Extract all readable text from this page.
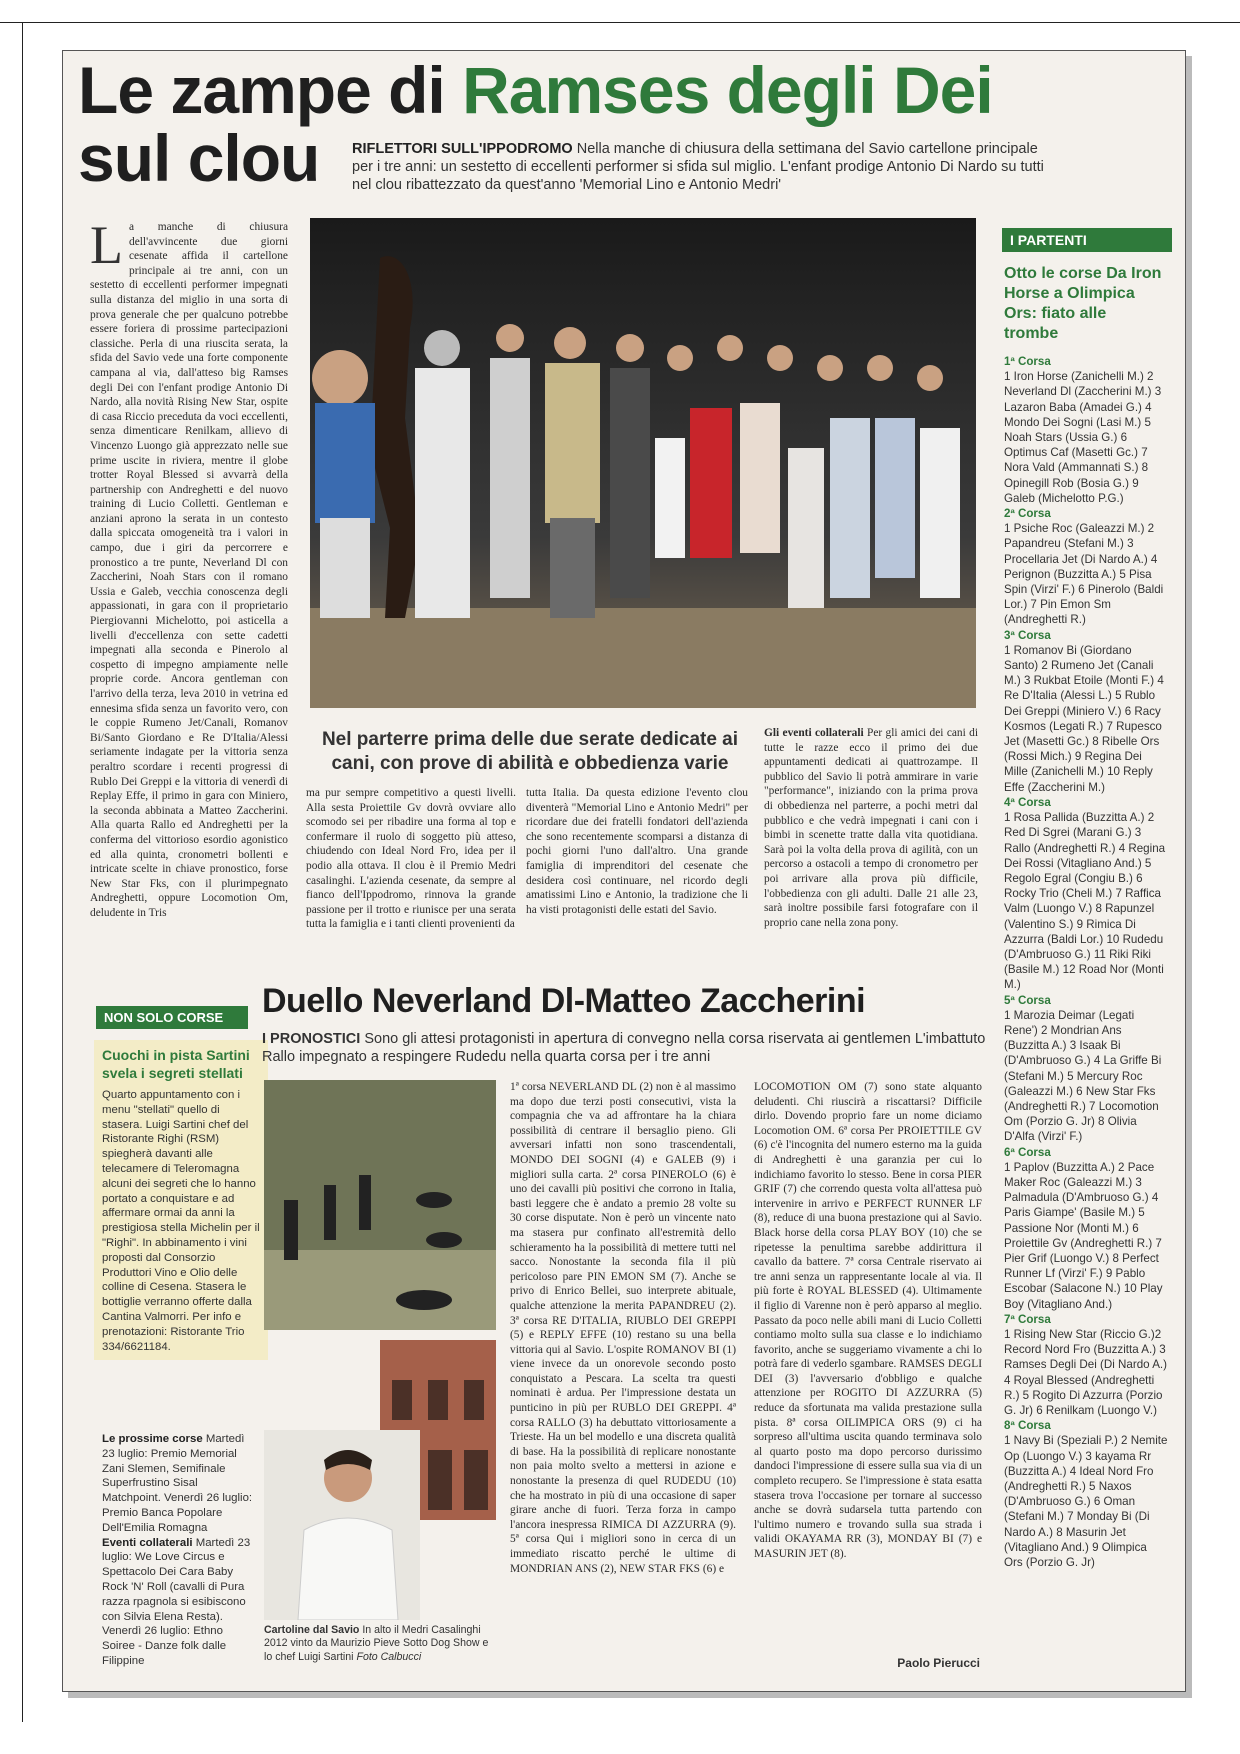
Le zampe di Ramses degli Dei
sul clou	RIFLETTORI SULL'IPPODROMO Nella manche di chiusura della settimana del Savio cartellone principale per i tre anni: un sestetto di eccellenti performer si sfida sul miglio. L'enfant prodige Antonio Di Nardo su tutti nel clou ribattezzato da quest'anno 'Memorial Lino e Antonio Medri'
La manche di chiusura dell'avvincente due giorni cesenate affida il cartellone principale ai tre anni, con un sestetto di eccellenti performer impegnati sulla distanza del miglio in una sorta di prova generale che per qualcuno potrebbe essere foriera di prossime partecipazioni classiche. Perla di una riuscita serata, la sfida del Savio vede una forte componente campana al via, dall'atteso big Ramses degli Dei con l'enfant prodige Antonio Di Nardo, alla novità Rising New Star, ospite di casa Riccio preceduta da voci eccellenti, senza dimenticare Renilkam, allievo di Vincenzo Luongo già apprezzato nelle sue prime uscite in riviera, mentre il globe trotter Royal Blessed si avvarrà della partnership con Andreghetti e del nuovo training di Lucio Colletti. Gentleman e anziani aprono la serata in un contesto dalla spiccata omogeneità tra i valori in campo, due i giri da percorrere e pronostico a tre punte, Neverland Dl con Zaccherini, Noah Stars con il romano Ussia e Galeb, vecchia conoscenza degli appassionati, in gara con il proprietario Piergiovanni Michelotto, poi asticella a livelli d'eccellenza con sette cadetti impegnati alla seconda e Pinerolo al cospetto di impegno ampiamente nelle proprie corde. Ancora gentleman con l'arrivo della terza, leva 2010 in vetrina ed ennesima sfida senza un favorito vero, con le coppie Rumeno Jet/Canali, Romanov Bi/Santo Giordano e Re D'Italia/Alessi seriamente indagate per la vittoria senza peraltro scordare i recenti progressi di Rublo Dei Greppi e la vittoria di venerdì di Replay Effe, il primo in gara con Miniero, la seconda abbinata a Matteo Zaccherini. Alla quarta Rallo ed Andreghetti per la conferma del vittorioso esordio agonistico ed alla quinta, cronometri bollenti e intricate scelte in chiave pronostico, forse New Star Fks, con il plurimpegnato Andreghetti, oppure Locomotion Om, deludente in Tris
ma pur sempre competitivo a questi livelli. Alla sesta Proiettile Gv dovrà ovviare allo scomodo sei per ribadire una forma al top e confermare il ruolo di soggetto più atteso, chiudendo con Ideal Nord Fro, idea per il podio alla ottava. Il clou è il Premio Medri casalinghi. L'azienda cesenate, da sempre al fianco dell'Ippodromo, rinnova la grande passione per il trotto e riunisce per una serata tutta la famiglia e i tanti clienti provenienti da
Nel parterre prima delle due serate dedicate ai cani, con prove di abilità e obbedienza varie
tutta Italia. Da questa edizione l'evento clou diventerà "Memorial Lino e Antonio Medri" per ricordare due dei fratelli fondatori dell'azienda che sono recentemente scomparsi a distanza di pochi giorni l'uno dall'altro. Una grande famiglia di imprenditori del cesenate che desidera così continuare, nel ricordo degli amatissimi Lino e Antonio, la tradizione che li ha visti protagonisti delle estati del Savio.
Gli eventi collaterali Per gli amici dei cani di tutte le razze ecco il primo dei due appuntamenti dedicati ai quattrozampe. Il pubblico del Savio li potrà ammirare in varie "performance", iniziando con la prima prova di obbedienza nel parterre, a pochi metri dal pubblico e che vedrà impegnati i cani con i bimbi in scenette tratte dalla vita quotidiana. Sarà poi la volta della prova di agilità, con un percorso a ostacoli a tempo di cronometro per poi arrivare alla prova più difficile, l'obbedienza con gli adulti. Dalle 21 alle 23, sarà inoltre possibile farsi fotografare con il proprio cane nella zona pony.
I PARTENTI
Otto le corse Da Iron Horse a Olimpica Ors: fiato alle trombe
1ª Corsa
1 Iron Horse (Zanichelli M.) 2 Neverland Dl (Zaccherini M.) 3 Lazaron Baba (Amadei G.) 4 Mondo Dei Sogni (Lasi M.) 5 Noah Stars (Ussia G.) 6 Optimus Caf (Masetti Gc.) 7 Nora Vald (Ammannati S.) 8 Opinegill Rob (Bosia G.) 9 Galeb (Michelotto P.G.)
2ª Corsa
1 Psiche Roc (Galeazzi M.) 2 Papandreu (Stefani M.) 3 Procellaria Jet (Di Nardo A.) 4 Perignon (Buzzitta A.) 5 Pisa Spin (Virzi' F.) 6 Pinerolo (Baldi Lor.) 7 Pin Emon Sm (Andreghetti R.)
3ª Corsa
1 Romanov Bi (Giordano Santo) 2 Rumeno Jet (Canali M.) 3 Rukbat Etoile (Monti F.) 4 Re D'Italia (Alessi L.) 5 Rublo Dei Greppi (Miniero V.) 6 Racy Kosmos (Legati R.) 7 Rupesco Jet (Masetti Gc.) 8 Ribelle Ors (Rossi Mich.) 9 Regina Dei Mille (Zanichelli M.) 10 Reply Effe (Zaccherini M.)
4ª Corsa
1 Rosa Pallida (Buzzitta A.) 2 Red Di Sgrei (Marani G.) 3 Rallo (Andreghetti R.) 4 Regina Dei Rossi (Vitagliano And.) 5 Regolo Egral (Congiu B.) 6 Rocky Trio (Cheli M.) 7 Raffica Valm (Luongo V.) 8 Rapunzel (Valentino S.) 9 Rimica Di Azzurra (Baldi Lor.) 10 Rudedu (D'Ambruoso G.) 11 Riki Riki (Basile M.) 12 Road Nor (Monti M.)
5ª Corsa
1 Marozia Deimar (Legati Rene') 2 Mondrian Ans (Buzzitta A.) 3 Isaak Bi (D'Ambruoso G.) 4 La Griffe Bi (Stefani M.) 5 Mercury Roc (Galeazzi M.) 6 New Star Fks (Andreghetti R.) 7 Locomotion Om (Porzio G. Jr) 8 Olivia D'Alfa (Virzi' F.)
6ª Corsa
1 Paplov (Buzzitta A.) 2 Pace Maker Roc (Galeazzi M.) 3 Palmadula (D'Ambruoso G.) 4 Paris Giampe' (Basile M.) 5 Passione Nor (Monti M.) 6 Proiettile Gv (Andreghetti R.) 7 Pier Grif (Luongo V.) 8 Perfect Runner Lf (Virzi' F.) 9 Pablo Escobar (Salacone N.) 10 Play Boy (Vitagliano And.)
7ª Corsa
1 Rising New Star (Riccio G.)2 Record Nord Fro (Buzzitta A.) 3 Ramses Degli Dei (Di Nardo A.) 4 Royal Blessed (Andreghetti R.) 5 Rogito Di Azzurra (Porzio G. Jr) 6 Renilkam (Luongo V.)
8ª Corsa
1 Navy Bi (Speziali P.) 2 Nemite Op (Luongo V.) 3 kayama Rr (Buzzitta A.) 4 Ideal Nord Fro (Andreghetti R.) 5 Naxos (D'Ambruoso G.) 6 Oman (Stefani M.) 7 Monday Bi (Di Nardo A.) 8 Masurin Jet (Vitagliano And.) 9 Olimpica Ors (Porzio G. Jr)
NON SOLO CORSE
Cuochi in pista Sartini svela i segreti stellati
Quarto appuntamento con i menu "stellati" quello di stasera. Luigi Sartini chef del Ristorante Righi (RSM) spiegherà davanti alle telecamere di Teleromagna alcuni dei segreti che lo hanno portato a conquistare e ad affermare ormai da anni la prestigiosa stella Michelin per il "Righi". In abbinamento i vini proposti dal Consorzio Produttori Vino e Olio delle colline di Cesena. Stasera le bottiglie verranno offerte dalla Cantina Valmorri. Per info e prenotazioni: Ristorante Trio 334/6621184.
Le prossime corse Martedì 23 luglio: Premio Memorial Zani Slemen, Semifinale Superfrustino Sisal Matchpoint. Venerdì 26 luglio: Premio Banca Popolare Dell'Emilia Romagna
Eventi collaterali Martedì 23 luglio: We Love Circus e Spettacolo Dei Cara Baby Rock 'N' Roll (cavalli di Pura razza rpagnola si esibiscono con Silvia Elena Resta). Venerdì 26 luglio: Ethno Soiree - Danze folk dalle Filippine
Duello Neverland Dl-Matteo Zaccherini
I PRONOSTICI Sono gli attesi protagonisti in apertura di convegno nella corsa riservata ai gentlemen L'imbattuto Rallo impegnato a respingere Rudedu nella quarta corsa per i tre anni
Cartoline dal Savio In alto il Medri Casalinghi 2012 vinto da Maurizio Pieve Sotto Dog Show e lo chef Luigi Sartini Foto Calbucci
1ª corsa NEVERLAND DL (2) non è al massimo ma dopo due terzi posti consecutivi, vista la compagnia che va ad affrontare ha la chiara possibilità di centrare il bersaglio pieno. Gli avversari infatti non sono trascendentali, MONDO DEI SOGNI (4) e GALEB (9) i migliori sulla carta. 2ª corsa PINEROLO (6) è uno dei cavalli più positivi che corrono in Italia, basti leggere che è andato a premio 28 volte su 30 corse disputate. Non è però un vincente nato ma stasera pur confinato all'estremità dello schieramento ha la possibilità di mettere tutti nel sacco. Nonostante la seconda fila il più pericoloso pare PIN EMON SM (7). Anche se privo di Enrico Bellei, suo interprete abituale, qualche attenzione la merita PAPANDREU (2). 3ª corsa RE D'ITALIA, RIUBLO DEI GREPPI (5) e REPLY EFFE (10) restano su una bella vittoria qui al Savio. L'ospite ROMANOV BI (1) viene invece da un onorevole secondo posto conquistato a Pescara. La scelta tra questi nominati è ardua. Per l'impressione destata un punticino in più per RUBLO DEI GREPPI. 4ª corsa RALLO (3) ha debuttato vittoriosamente a Trieste. Ha un bel modello e una discreta qualità di base. Ha la possibilità di replicare nonostante non paia molto svelto a mettersi in azione e nonostante la presenza di quel RUDEDU (10) che ha mostrato in più di una occasione di saper girare anche di fuori. Terza forza in campo l'ancora inespressa RIMICA DI AZZURRA (9). 5ª corsa Qui i migliori sono in cerca di un immediato riscatto perché le ultime di MONDRIAN ANS (2), NEW STAR FKS (6) e
LOCOMOTION OM (7) sono state alquanto deludenti. Chi riuscirà a riscattarsi? Difficile dirlo. Dovendo proprio fare un nome diciamo Locomotion OM. 6ª corsa Per PROIETTILE GV (6) c'è l'incognita del numero esterno ma la guida di Andreghetti è una garanzia per cui lo indichiamo favorito lo stesso. Bene in corsa PIER GRIF (7) che correndo questa volta all'attesa può intervenire in arrivo e PERFECT RUNNER LF (8), reduce di una buona prestazione qui al Savio. Black horse della corsa PLAY BOY (10) che se ripetesse la penultima sarebbe addirittura il cavallo da battere. 7ª corsa Centrale riservato ai tre anni senza un rappresentante locale al via. Il più forte è ROYAL BLESSED (4). Ultimamente il figlio di Varenne non è però apparso al meglio. Passato da poco nelle abili mani di Lucio Colletti contiamo molto sulla sua classe e lo indichiamo favorito, anche se suggeriamo vivamente a chi lo potrà fare di vederlo sgambare. RAMSES DEGLI DEI (3) l'avversario d'obbligo e qualche attenzione per ROGITO DI AZZURRA (5) reduce da sfortunata ma valida prestazione sulla pista. 8ª corsa OILIMPICA ORS (9) ci ha sorpreso all'ultima uscita quando terminava solo al quarto posto ma dopo percorso durissimo dandoci l'impressione di essere sulla sua via di un completo recupero. Se l'impressione è stata esatta stasera trova l'occasione per tornare al successo anche se dovrà sudarsela tutta partendo con l'ultimo numero e trovando sulla sua strada i validi OKAYAMA RR (3), MONDAY BI (7) e MASURIN JET (8).
Paolo Pierucci
